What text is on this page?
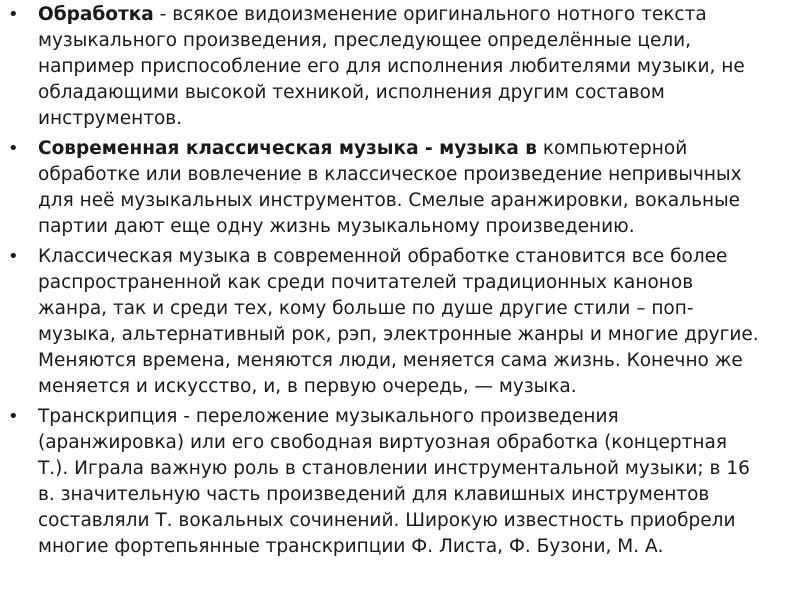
• Обработка - всякое видоизменение оригинального нотного текста
музыкального произведения, преследующее определённые цели,
например приспособление его для исполнения любителями музыки, не
обладающими высокой техникой, исполнения другим составом
инструментов.
• Современная классическая музыка - музыка в компьютерной
обработке или вовлечение в классическое произведение непривычных
для неё музыкальных инструментов. Смелые аранжировки, вокальные
партии дают еще одну жизнь музыкальному произведению.
• Классическая музыка в современной обработке становится все более
распространенной как среди почитателей традиционных канонов
жанра, так и среди тех, кому больше по душе другие стили – поп-
музыка, альтернативный рок, рэп, электронные жанры и многие другие.
Меняются времена, меняются люди, меняется сама жизнь. Конечно же
меняется и искусство, и, в первую очередь, — музыка.
• Транскрипция - переложение музыкального произведения
(аранжировка) или его свободная виртуозная обработка (концертная
Т.). Играла важную роль в становлении инструментальной музыки; в 16
в. значительную часть произведений для клавишных инструментов
составляли Т. вокальных сочинений. Широкую известность приобрели
многие фортепьянные транскрипции Ф. Листа, Ф. Бузони, М. А.
